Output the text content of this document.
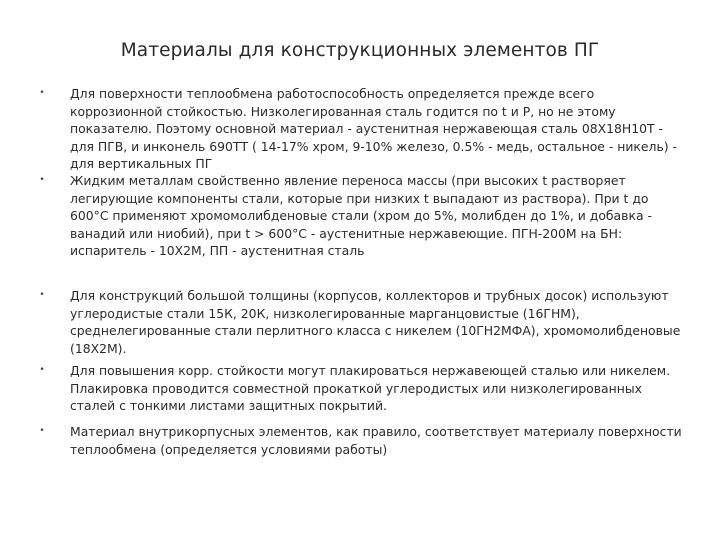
Материалы для конструкционных элементов ПГ
• Для поверхности теплообмена работоспособность определяется прежде всего коррозионной стойкостью. Низколегированная сталь годится по t и P, но не этому показателю. Поэтому основной материал - аустенитная нержавеющая сталь 08Х18Н10Т - для ПГВ, и инконель 690ТТ ( 14-17% хром, 9-10% железо, 0.5% - медь, остальное - никель) - для вертикальных ПГ
• Жидким металлам свойственно явление переноса массы (при высоких t растворяет легирующие компоненты стали, которые при низких t выпадают из раствора). При t до 600°С применяют хромомолибденовые стали (хром до 5%, молибден до 1%, и добавка - ванадий или ниобий), при t > 600°С - аустенитные нержавеющие. ПГН-200М на БН: испаритель - 10Х2М, ПП - аустенитная сталь
• Для конструкций большой толщины (корпусов, коллекторов и трубных досок) используют углеродистые стали 15К, 20К, низколегированные марганцовистые (16ГНМ), среднелегированные стали перлитного класса с никелем (10ГН2МФА), хромомолибденовые (18Х2М).
• Для повышения корр. стойкости могут плакироваться нержавеющей сталью или никелем. Плакировка проводится совместной прокаткой углеродистых или низколегированных сталей с тонкими листами защитных покрытий.
• Материал внутрикорпусных элементов, как правило, соответствует материалу поверхности теплообмена (определяется условиями работы)
